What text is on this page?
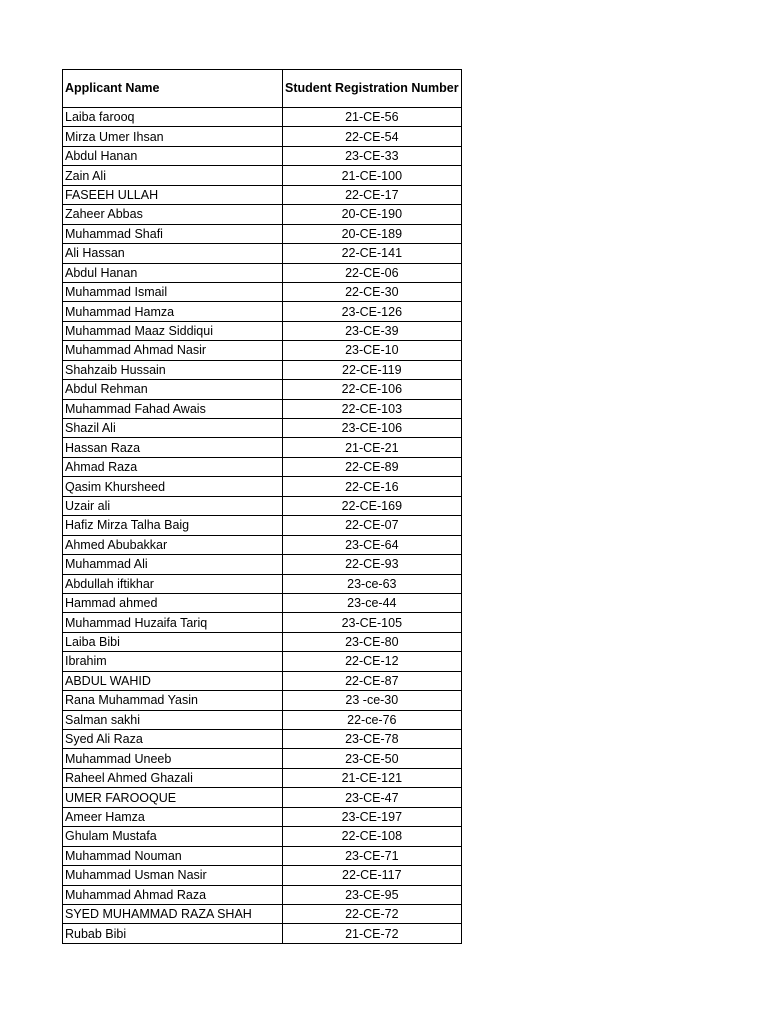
Applicant Name	Student Registration Number
Laiba farooq	21-CE-56
Mirza Umer Ihsan	22-CE-54
Abdul Hanan	23-CE-33
Zain Ali	21-CE-100
FASEEH ULLAH	22-CE-17
Zaheer Abbas	20-CE-190
Muhammad Shafi	20-CE-189
Ali Hassan	22-CE-141
Abdul Hanan	22-CE-06
Muhammad Ismail	22-CE-30
Muhammad Hamza	23-CE-126
Muhammad Maaz Siddiqui	23-CE-39
Muhammad Ahmad Nasir	23-CE-10
Shahzaib Hussain	22-CE-119
Abdul Rehman	22-CE-106
Muhammad Fahad Awais	22-CE-103
Shazil Ali	23-CE-106
Hassan Raza	21-CE-21
Ahmad Raza	22-CE-89
Qasim Khursheed	22-CE-16
Uzair ali	22-CE-169
Hafiz Mirza Talha Baig	22-CE-07
Ahmed Abubakkar	23-CE-64
Muhammad Ali	22-CE-93
Abdullah iftikhar	23-ce-63
Hammad ahmed	23-ce-44
Muhammad Huzaifa Tariq	23-CE-105
Laiba Bibi	23-CE-80
Ibrahim	22-CE-12
ABDUL WAHID	22-CE-87
Rana Muhammad Yasin	23 -ce-30
Salman sakhi	22-ce-76
Syed Ali Raza	23-CE-78
Muhammad Uneeb	23-CE-50
Raheel Ahmed Ghazali	21-CE-121
UMER FAROOQUE	23-CE-47
Ameer Hamza	23-CE-197
Ghulam Mustafa	22-CE-108
Muhammad Nouman	23-CE-71
Muhammad Usman Nasir	22-CE-117
Muhammad Ahmad Raza	23-CE-95
SYED MUHAMMAD RAZA SHAH	22-CE-72
Rubab Bibi	21-CE-72
